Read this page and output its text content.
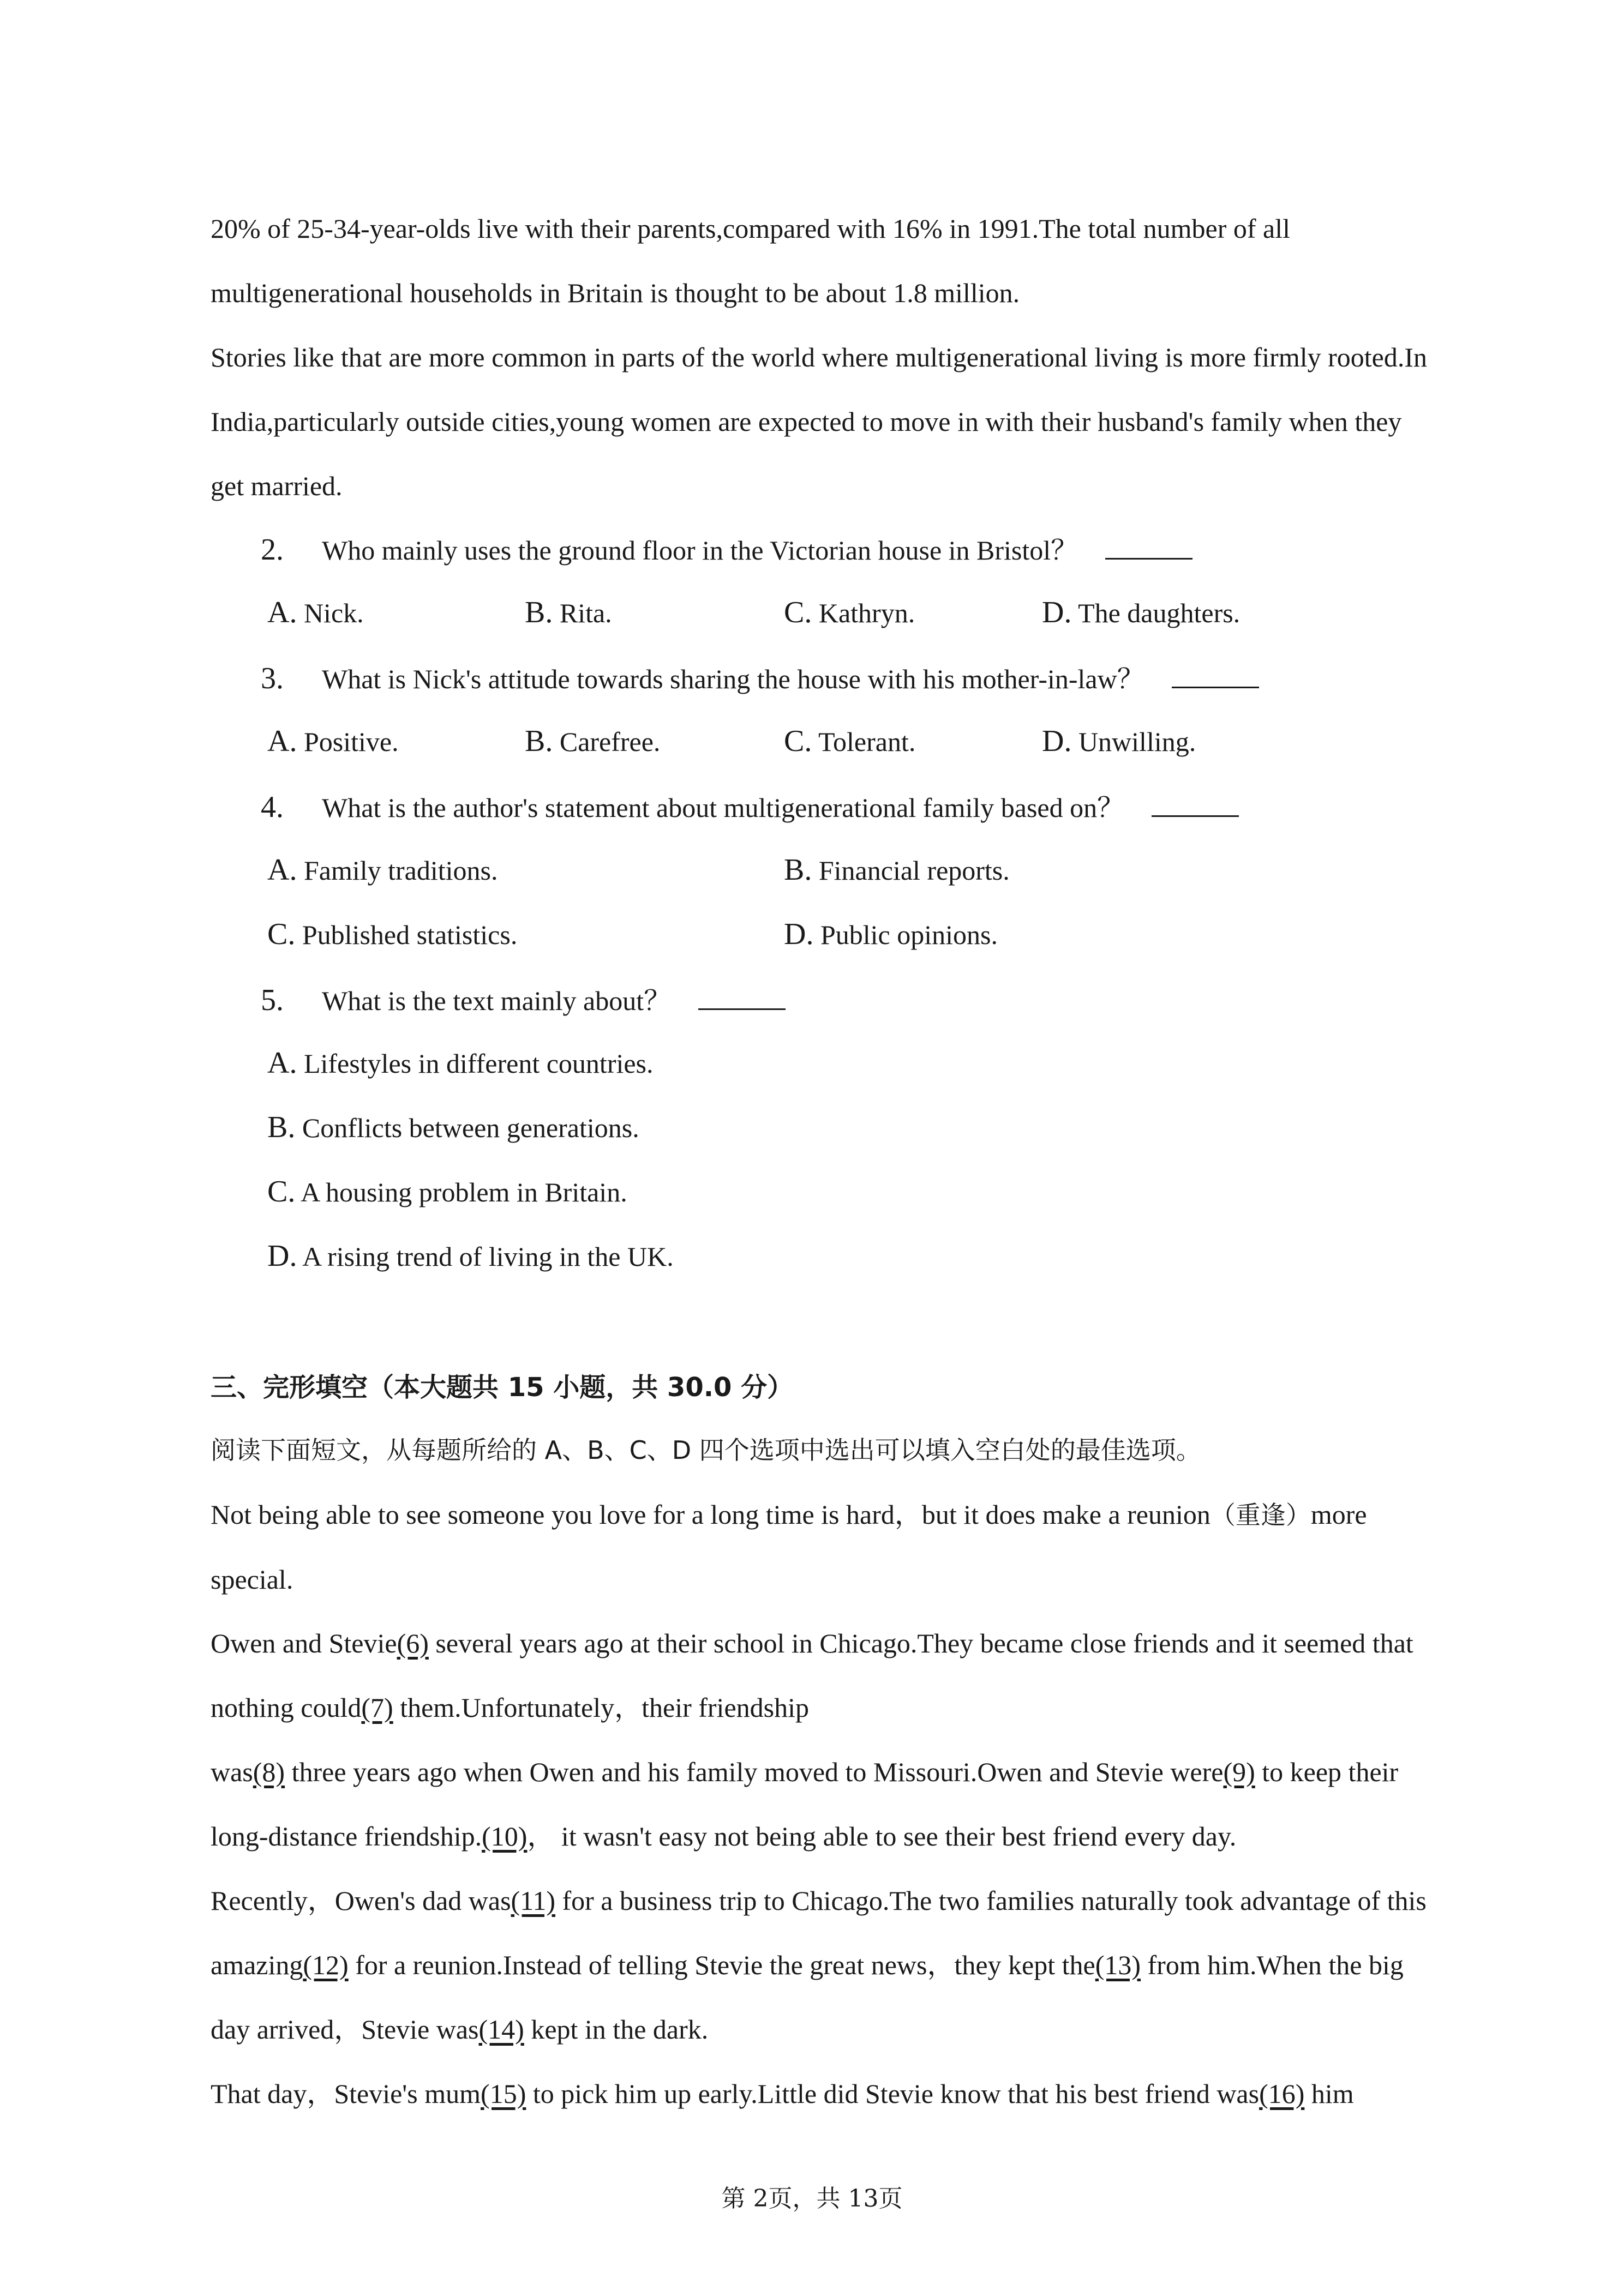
20% of 25-34-year-olds live with their parents,compared with 16% in 1991.The total number of all multigenerational households in Britain is thought to be about 1.8 million.

Stories like that are more common in parts of the world where multigenerational living is more firmly rooted.In India,particularly outside cities,young women are expected to move in with their husband's family when they get married.

2. Who mainly uses the ground floor in the Victorian house in Bristol？
A. Nick.	B. Rita.	C. Kathryn.	D. The daughters.
3. What is Nick's attitude towards sharing the house with his mother-in-law？
A. Positive.	B. Carefree.	C. Tolerant.	D. Unwilling.
4. What is the author's statement about multigenerational family based on？
A. Family traditions.	B. Financial reports.
C. Published statistics.	D. Public opinions.
5. What is the text mainly about？
A. Lifestyles in different countries.
B. Conflicts between generations.
C. A housing problem in Britain.
D. A rising trend of living in the UK.
三、完形填空（本大题共 15 小题，共 30.0 分）

阅读下面短文，从每题所给的 A、B、C、D 四个选项中选出可以填入空白处的最佳选项。

Not being able to see someone you love for a long time is hard，but it does make a reunion（重逢）more special.

Owen and Stevie(6) several years ago at their school in Chicago.They became close friends and it seemed that nothing could(7) them.Unfortunately，their friendship

was(8) three years ago when Owen and his family moved to Missouri.Owen and Stevie were(9) to keep their long-distance friendship.(10)， it wasn't easy not being able to see their best friend every day.

Recently，Owen's dad was(11) for a business trip to Chicago.The two families naturally took advantage of this amazing(12) for a reunion.Instead of telling Stevie the great news，they kept the(13) from him.When the big day arrived，Stevie was(14) kept in the dark.

That day，Stevie's mum(15) to pick him up early.Little did Stevie know that his best friend was(16) him

第 2页，共 13页
